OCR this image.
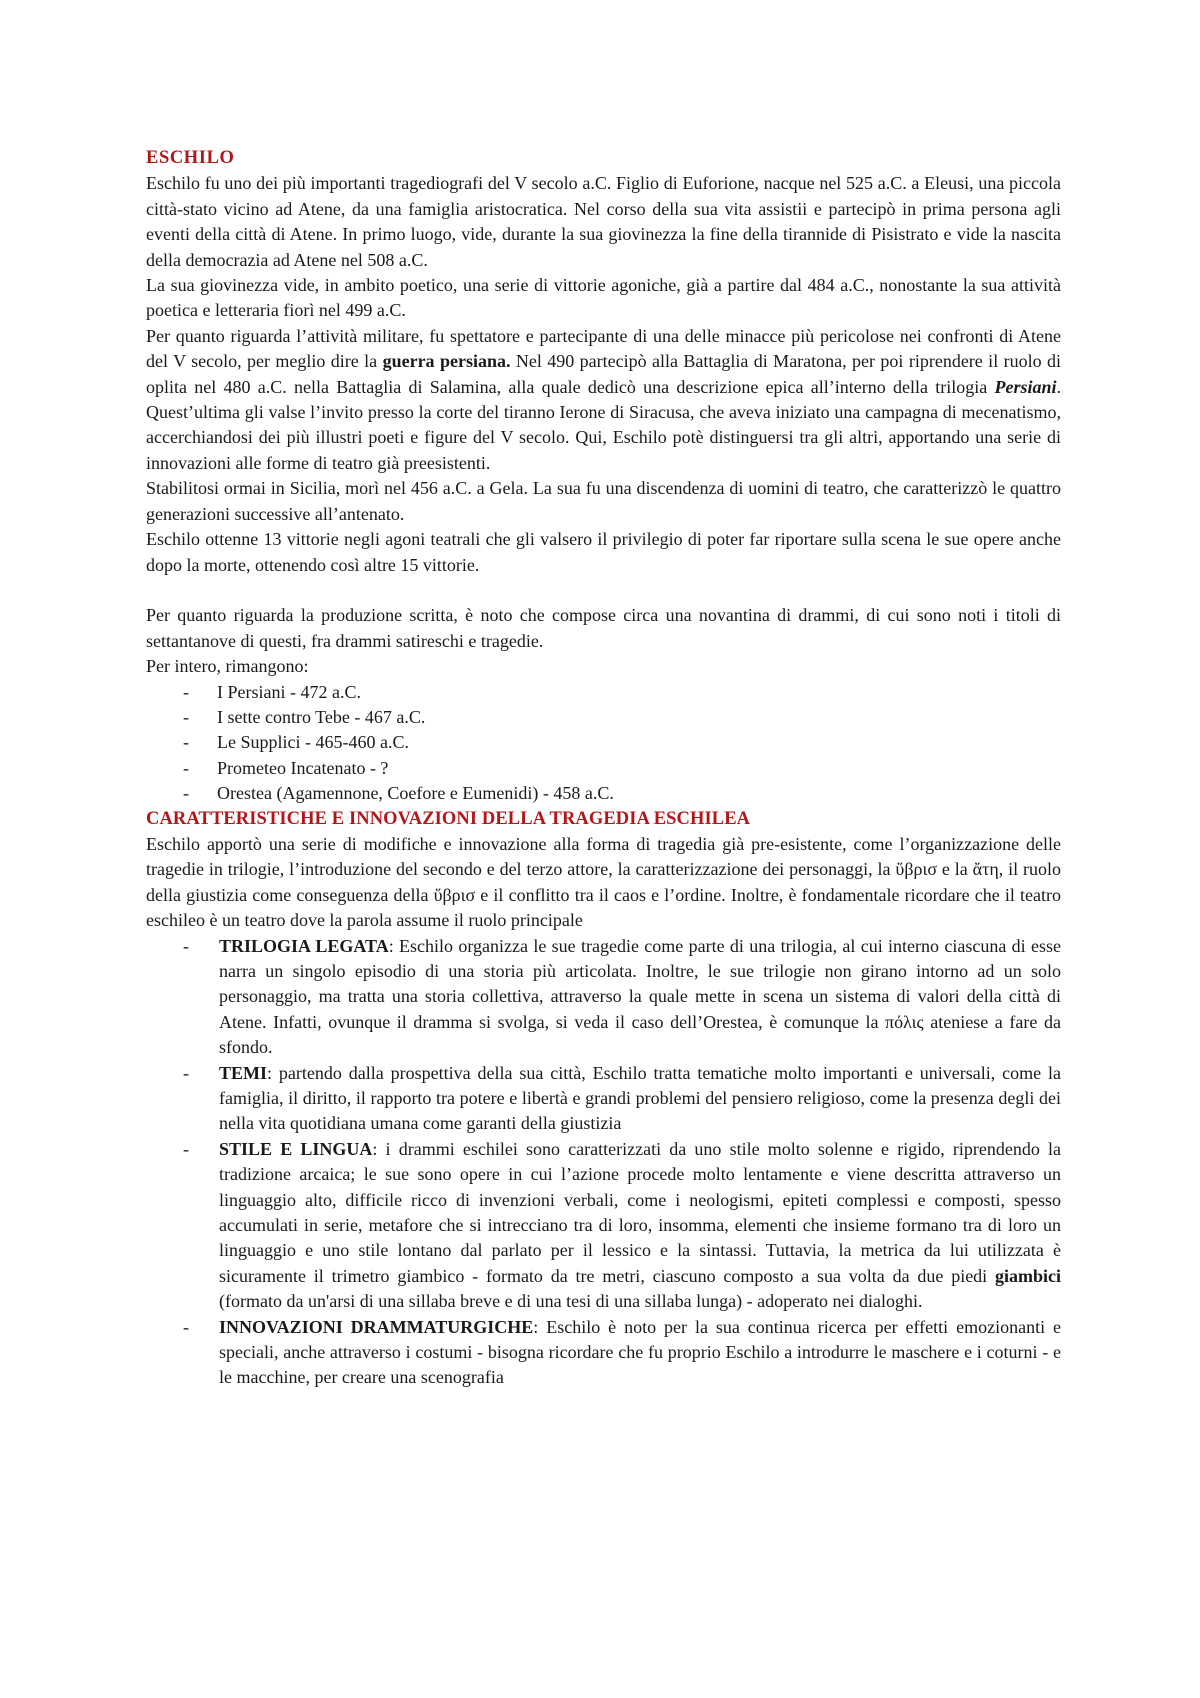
ESCHILO

Eschilo fu uno dei più importanti tragediografi del V secolo a.C. Figlio di Euforione, nacque nel 525 a.C. a Eleusi, una piccola città-stato vicino ad Atene, da una famiglia aristocratica. Nel corso della sua vita assistii e partecipò in prima persona agli eventi della città di Atene. In primo luogo, vide, durante la sua giovinezza la fine della tirannide di Pisistrato e vide la nascita della democrazia ad Atene nel 508 a.C.

La sua giovinezza vide, in ambito poetico, una serie di vittorie agoniche, già a partire dal 484 a.C., nonostante la sua attività poetica e letteraria fiorì nel 499 a.C.

Per quanto riguarda l’attività militare, fu spettatore e partecipante di una delle minacce più pericolose nei confronti di Atene del V secolo, per meglio dire la guerra persiana. Nel 490 partecipò alla Battaglia di Maratona, per poi riprendere il ruolo di oplita nel 480 a.C. nella Battaglia di Salamina, alla quale dedicò una descrizione epica all’interno della trilogia Persiani. Quest’ultima gli valse l’invito presso la corte del tiranno Ierone di Siracusa, che aveva iniziato una campagna di mecenatismo, accerchiandosi dei più illustri poeti e figure del V secolo. Qui, Eschilo potè distinguersi tra gli altri, apportando una serie di innovazioni alle forme di teatro già preesistenti.

Stabilitosi ormai in Sicilia, morì nel 456 a.C. a Gela. La sua fu una discendenza di uomini di teatro, che caratterizzò le quattro generazioni successive all’antenato.

Eschilo ottenne 13 vittorie negli agoni teatrali che gli valsero il privilegio di poter far riportare sulla scena le sue opere anche dopo la morte, ottenendo così altre 15 vittorie.

Per quanto riguarda la produzione scritta, è noto che compose circa una novantina di drammi, di cui sono noti i titoli di settantanove di questi, fra drammi satireschi e tragedie.

Per intero, rimangono:

- I Persiani - 472 a.C.
- I sette contro Tebe - 467 a.C.
- Le Supplici - 465-460 a.C.
- Prometeo Incatenato - ?
- Orestea (Agamennone, Coefore e Eumenidi) - 458 a.C.

CARATTERISTICHE E INNOVAZIONI DELLA TRAGEDIA ESCHILEA

Eschilo apportò una serie di modifiche e innovazione alla forma di tragedia già pre-esistente, come l’organizzazione delle tragedie in trilogie, l’introduzione del secondo e del terzo attore, la caratterizzazione dei personaggi, la ὕβρισ e la ἄτη, il ruolo della giustizia come conseguenza della ὕβρισ e il conflitto tra il caos e l’ordine. Inoltre, è fondamentale ricordare che il teatro eschileo è un teatro dove la parola assume il ruolo principale

- TRILOGIA LEGATA: Eschilo organizza le sue tragedie come parte di una trilogia, al cui interno ciascuna di esse narra un singolo episodio di una storia più articolata. Inoltre, le sue trilogie non girano intorno ad un solo personaggio, ma tratta una storia collettiva, attraverso la quale mette in scena un sistema di valori della città di Atene. Infatti, ovunque il dramma si svolga, si veda il caso dell’Orestea, è comunque la πόλις ateniese a fare da sfondo.
- TEMI: partendo dalla prospettiva della sua città, Eschilo tratta tematiche molto importanti e universali, come la famiglia, il diritto, il rapporto tra potere e libertà e grandi problemi del pensiero religioso, come la presenza degli dei nella vita quotidiana umana come garanti della giustizia
- STILE E LINGUA: i drammi eschilei sono caratterizzati da uno stile molto solenne e rigido, riprendendo la tradizione arcaica; le sue sono opere in cui l’azione procede molto lentamente e viene descritta attraverso un linguaggio alto, difficile ricco di invenzioni verbali, come i neologismi, epiteti complessi e composti, spesso accumulati in serie, metafore che si intrecciano tra di loro, insomma, elementi che insieme formano tra di loro un linguaggio e uno stile lontano dal parlato per il lessico e la sintassi. Tuttavia, la metrica da lui utilizzata è sicuramente il trimetro giambico - formato da tre metri, ciascuno composto a sua volta da due piedi giambici (formato da un'arsi di una sillaba breve e di una tesi di una sillaba lunga) - adoperato nei dialoghi.
- INNOVAZIONI DRAMMATURGICHE: Eschilo è noto per la sua continua ricerca per effetti emozionanti e speciali, anche attraverso i costumi - bisogna ricordare che fu proprio Eschilo a introdurre le maschere e i coturni - e le macchine, per creare una scenografia
